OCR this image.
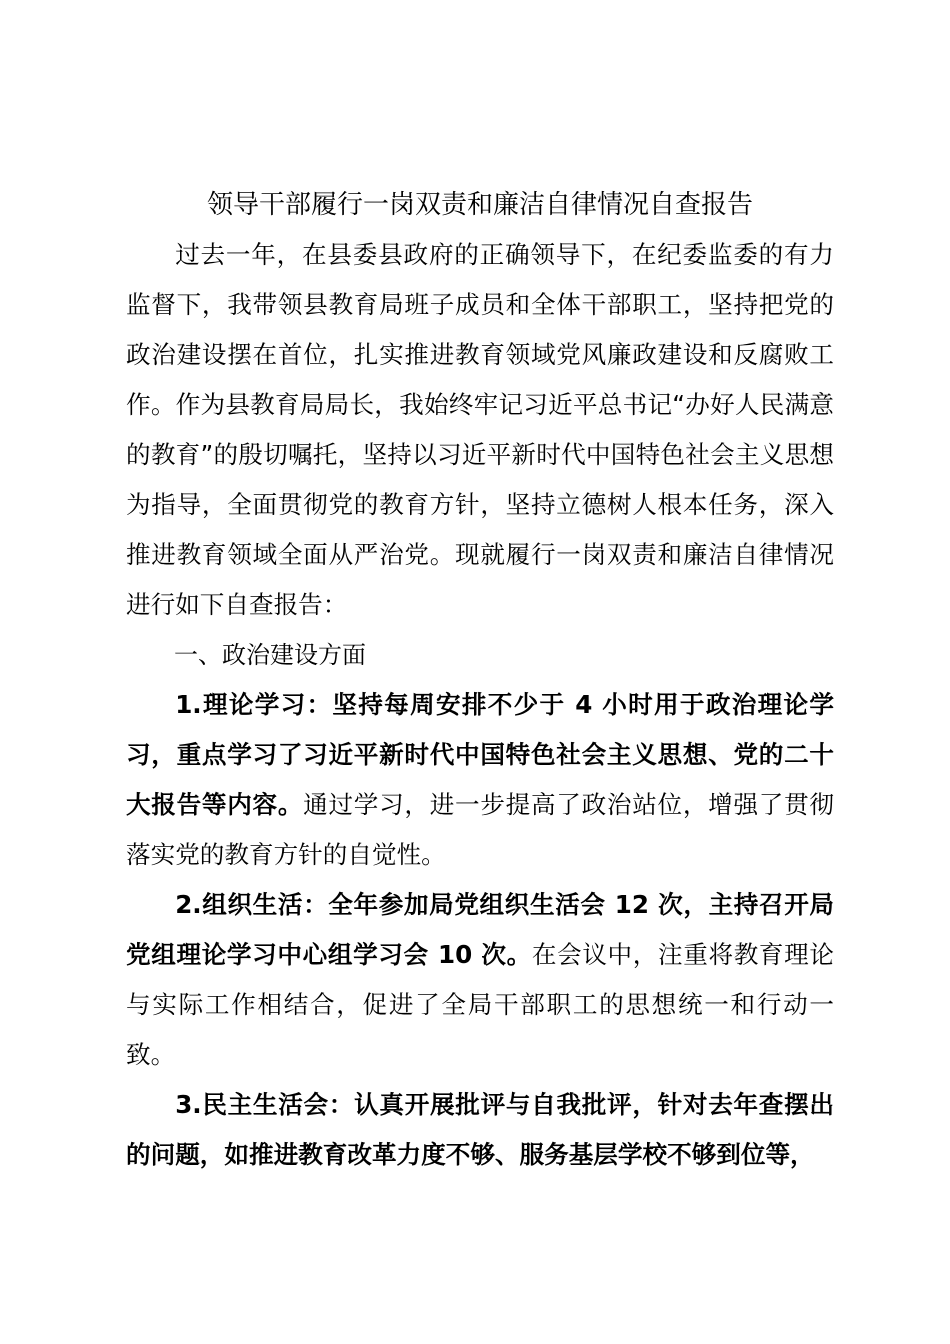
领导干部履行一岗双责和廉洁自律情况自查报告

过去一年，在县委县政府的正确领导下，在纪委监委的有力监督下，我带领县教育局班子成员和全体干部职工，坚持把党的政治建设摆在首位，扎实推进教育领域党风廉政建设和反腐败工作。作为县教育局局长，我始终牢记习近平总书记“办好人民满意的教育”的殷切嘱托，坚持以习近平新时代中国特色社会主义思想为指导，全面贯彻党的教育方针，坚持立德树人根本任务，深入推进教育领域全面从严治党。现就履行一岗双责和廉洁自律情况进行如下自查报告：

一、政治建设方面

1.理论学习：坚持每周安排不少于 4 小时用于政治理论学习，重点学习了习近平新时代中国特色社会主义思想、党的二十大报告等内容。通过学习，进一步提高了政治站位，增强了贯彻落实党的教育方针的自觉性。

2.组织生活：全年参加局党组织生活会 12 次，主持召开局党组理论学习中心组学习会 10 次。在会议中，注重将教育理论与实际工作相结合，促进了全局干部职工的思想统一和行动一致。

3.民主生活会：认真开展批评与自我批评，针对去年查摆出的问题，如推进教育改革力度不够、服务基层学校不够到位等，
